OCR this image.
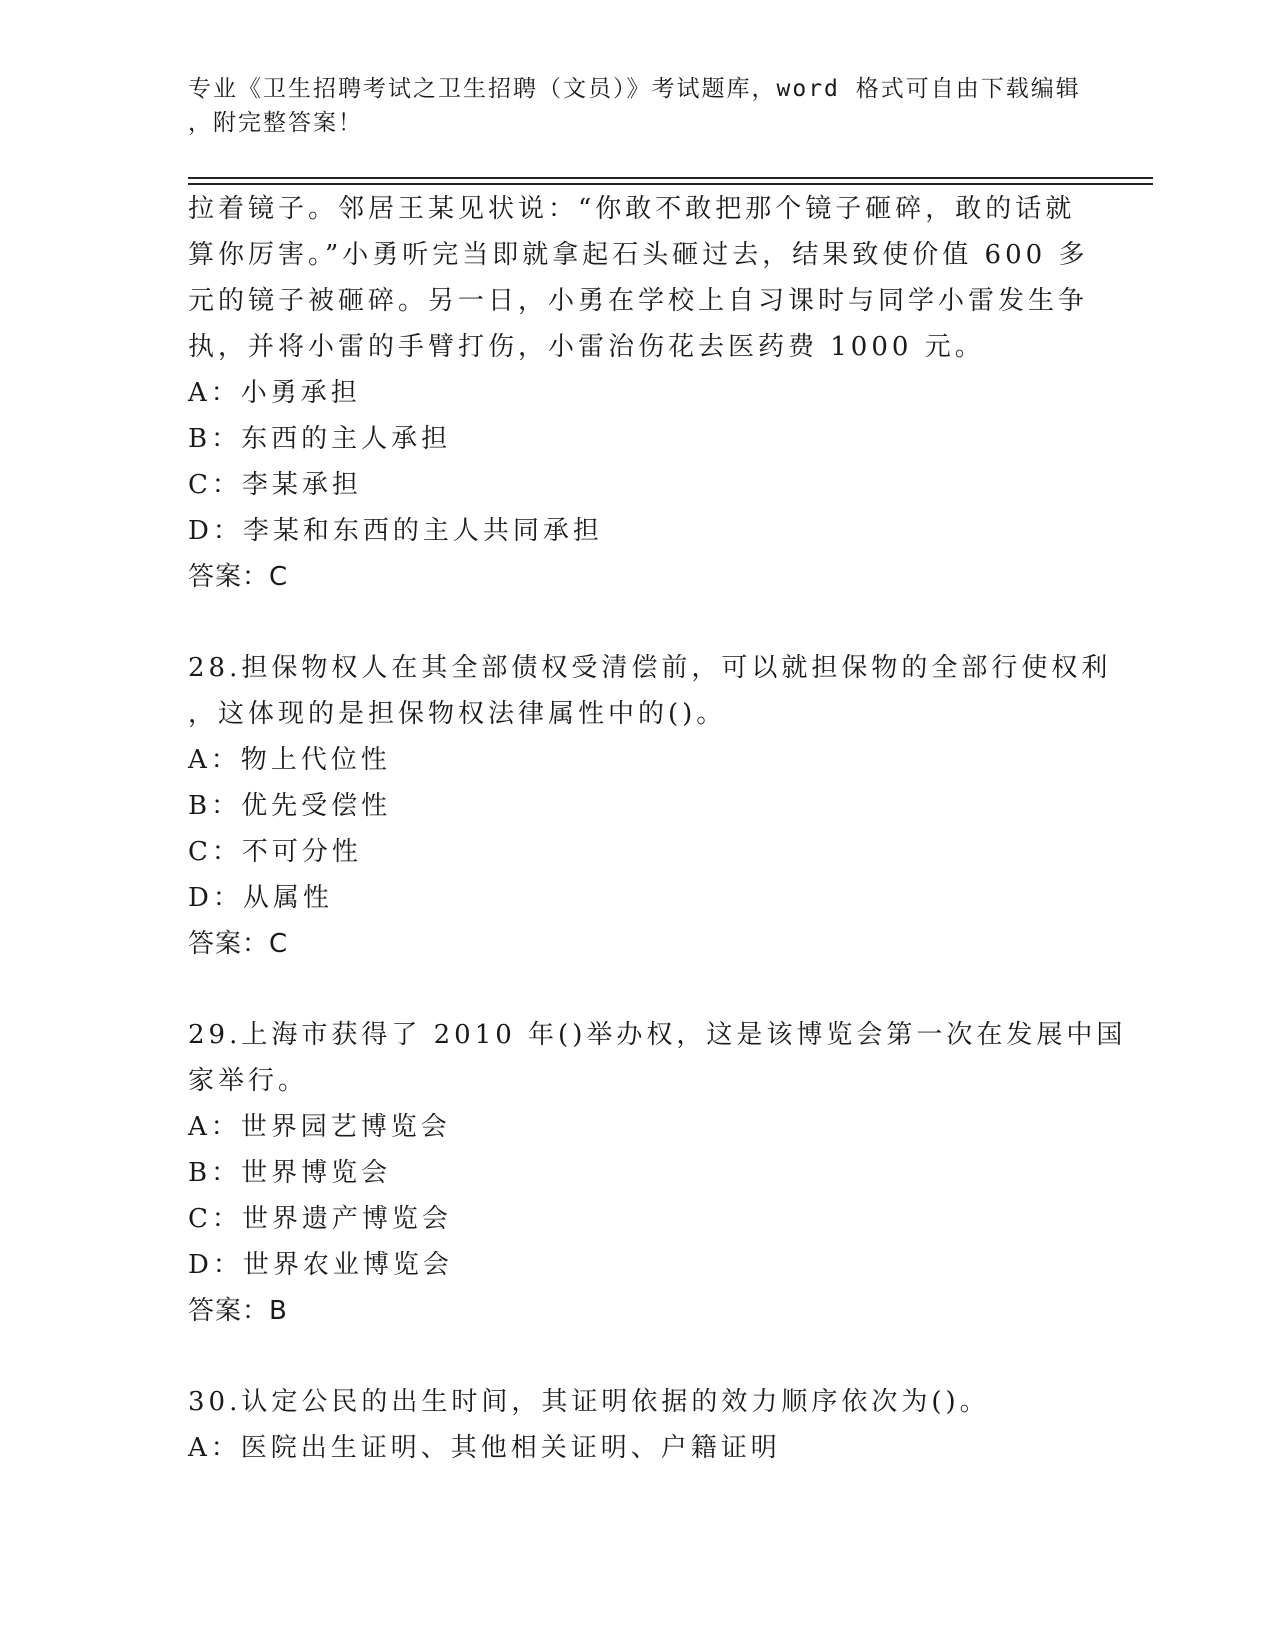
专业《卫生招聘考试之卫生招聘（文员）》考试题库，word 格式可自由下载编辑
，附完整答案！
拉着镜子。邻居王某见状说：“你敢不敢把那个镜子砸碎，敢的话就
算你厉害。”小勇听完当即就拿起石头砸过去，结果致使价值 600 多
元的镜子被砸碎。另一日，小勇在学校上自习课时与同学小雷发生争
执，并将小雷的手臂打伤，小雷治伤花去医药费 1000 元。
A：小勇承担
B：东西的主人承担
C：李某承担
D：李某和东西的主人共同承担
答案：C
28.担保物权人在其全部债权受清偿前，可以就担保物的全部行使权利
，这体现的是担保物权法律属性中的()。
A：物上代位性
B：优先受偿性
C：不可分性
D：从属性
答案：C
29.上海市获得了 2010 年()举办权，这是该博览会第一次在发展中国
家举行。
A：世界园艺博览会
B：世界博览会
C：世界遗产博览会
D：世界农业博览会
答案：B
30.认定公民的出生时间，其证明依据的效力顺序依次为()。
A：医院出生证明、其他相关证明、户籍证明
